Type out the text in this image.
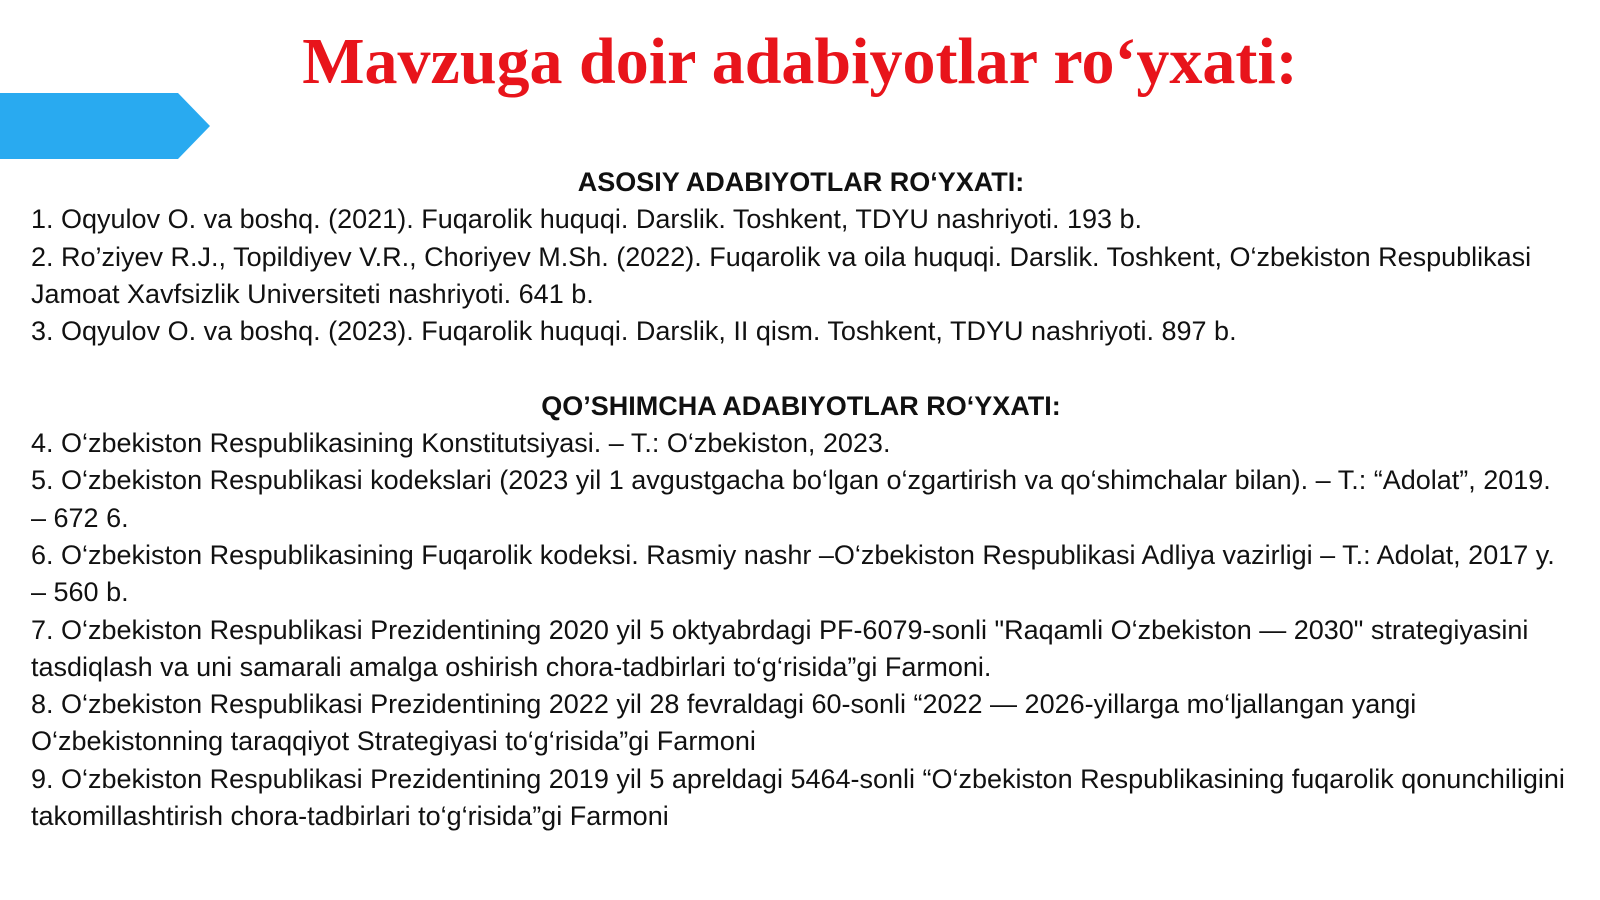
Mavzuga doir adabiyotlar ro‘yxati:

ASOSIY ADABIYOTLAR RO‘YXATI:

1. Oqyulov O. va boshq. (2021). Fuqarolik huquqi. Darslik. Toshkent, TDYU nashriyoti. 193 b.
2. Ro’ziyev R.J., Topildiyev V.R., Choriyev M.Sh. (2022). Fuqarolik va oila huquqi. Darslik. Toshkent, O‘zbekiston Respublikasi Jamoat Xavfsizlik Universiteti nashriyoti. 641 b.
3. Oqyulov O. va boshq. (2023). Fuqarolik huquqi. Darslik, II qism. Toshkent, TDYU nashriyoti. 897 b.

QO’SHIMCHA ADABIYOTLAR RO‘YXATI:

4. O‘zbekiston Respublikasining Konstitutsiyasi. – T.: O‘zbekiston, 2023.
5. O‘zbekiston Respublikasi kodekslari (2023 yil 1 avgustgacha bo‘lgan o‘zgartirish va qo‘shimchalar bilan). – T.: “Adolat”, 2019. – 672 6.
6. O‘zbekiston Respublikasining Fuqarolik kodeksi. Rasmiy nashr –O‘zbekiston Respublikasi Adliya vazirligi – T.: Adolat, 2017 y. – 560 b.
7. O‘zbekiston Respublikasi Prezidentining 2020 yil 5 oktyabrdagi PF-6079-sonli "Raqamli O‘zbekiston — 2030" strategiyasini tasdiqlash va uni samarali amalga oshirish chora-tadbirlari to‘g‘risida”gi Farmoni.
8. O‘zbekiston Respublikasi Prezidentining 2022 yil 28 fevraldagi 60-sonli “2022 — 2026-yillarga mo‘ljallangan yangi O‘zbekistonning taraqqiyot Strategiyasi to‘g‘risida”gi Farmoni
9. O‘zbekiston Respublikasi Prezidentining 2019 yil 5 apreldagi 5464-sonli “O‘zbekiston Respublikasining fuqarolik qonunchiligini takomillashtirish chora-tadbirlari to‘g‘risida”gi Farmoni
